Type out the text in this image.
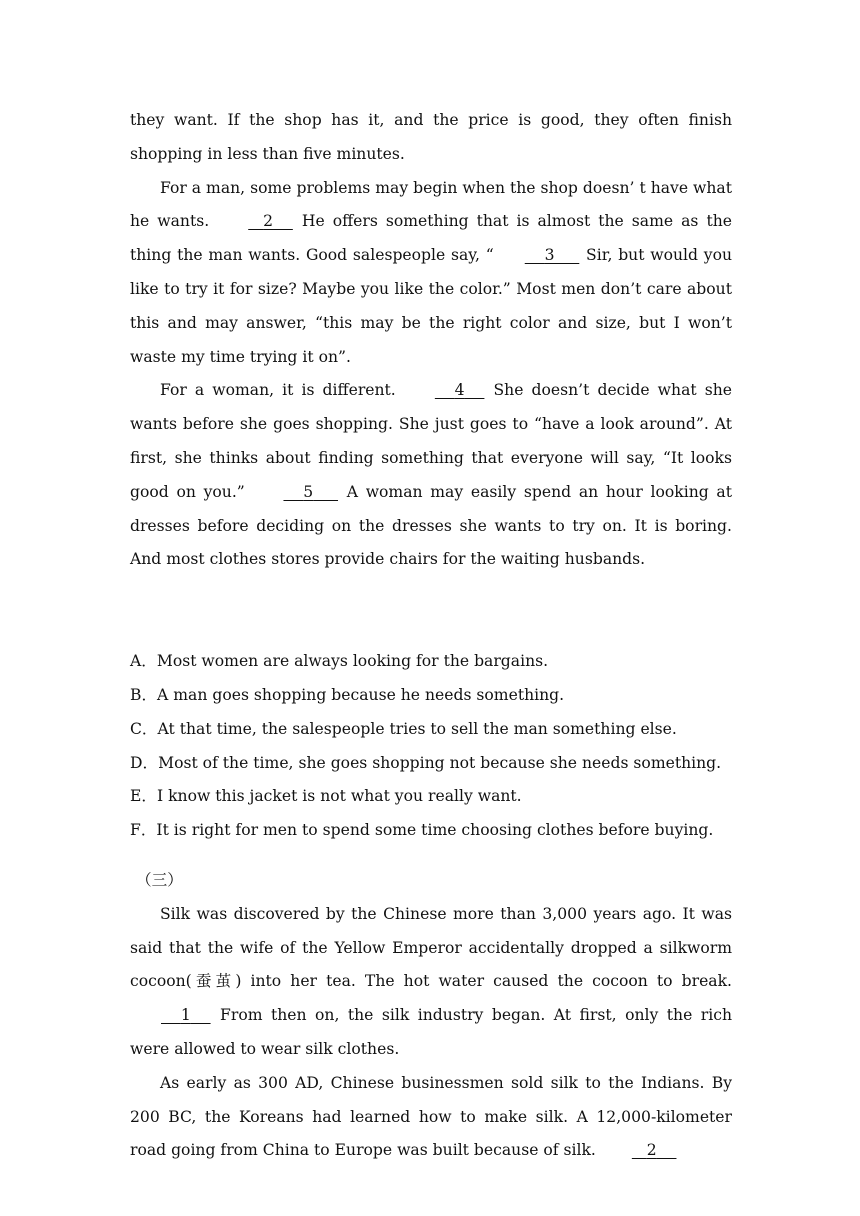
they want. If the shop has it, and the price is good, they often finish shopping in less than five minutes.

For a man, some problems may begin when the shop doesn’ t have what he wants.	2     He offers something that is almost the same as the thing the man wants. Good salespeople say, “	3      Sir, but would you like to try it for size? Maybe you like the color.” Most men don’t care about this and may answer, “this may be the right color and size, but I won’t waste my time trying it on”.

For a woman, it is different.	4     She doesn’t decide what she wants before she goes shopping. She just goes to “have a look around”. At first, she thinks about finding something that everyone will say, “It looks good on you.”	5      A woman may easily spend an hour looking at dresses before deciding on the dresses she wants to try on. It is boring. And most clothes stores provide chairs for the waiting husbands.

A．Most women are always looking for the bargains.

B．A man goes shopping because he needs something.

C．At that time, the salespeople tries to sell the man something else.

D．Most of the time, she goes shopping not because she needs something.

E．I know this jacket is not what you really want.

F．It is right for men to spend some time choosing clothes before buying.

（三）

Silk was discovered by the Chinese more than 3,000 years ago. It was said that the wife of the Yellow Emperor accidentally dropped a silkworm cocoon(蚕茧) into her tea. The hot water caused the cocoon to break.     1     From then on, the silk industry began. At first, only the rich were allowed to wear silk clothes.

As early as 300 AD, Chinese businessmen sold silk to the Indians. By 200 BC, the Koreans had learned how to make silk. A 12,000-kilometer road going from China to Europe was built because of silk.	2
